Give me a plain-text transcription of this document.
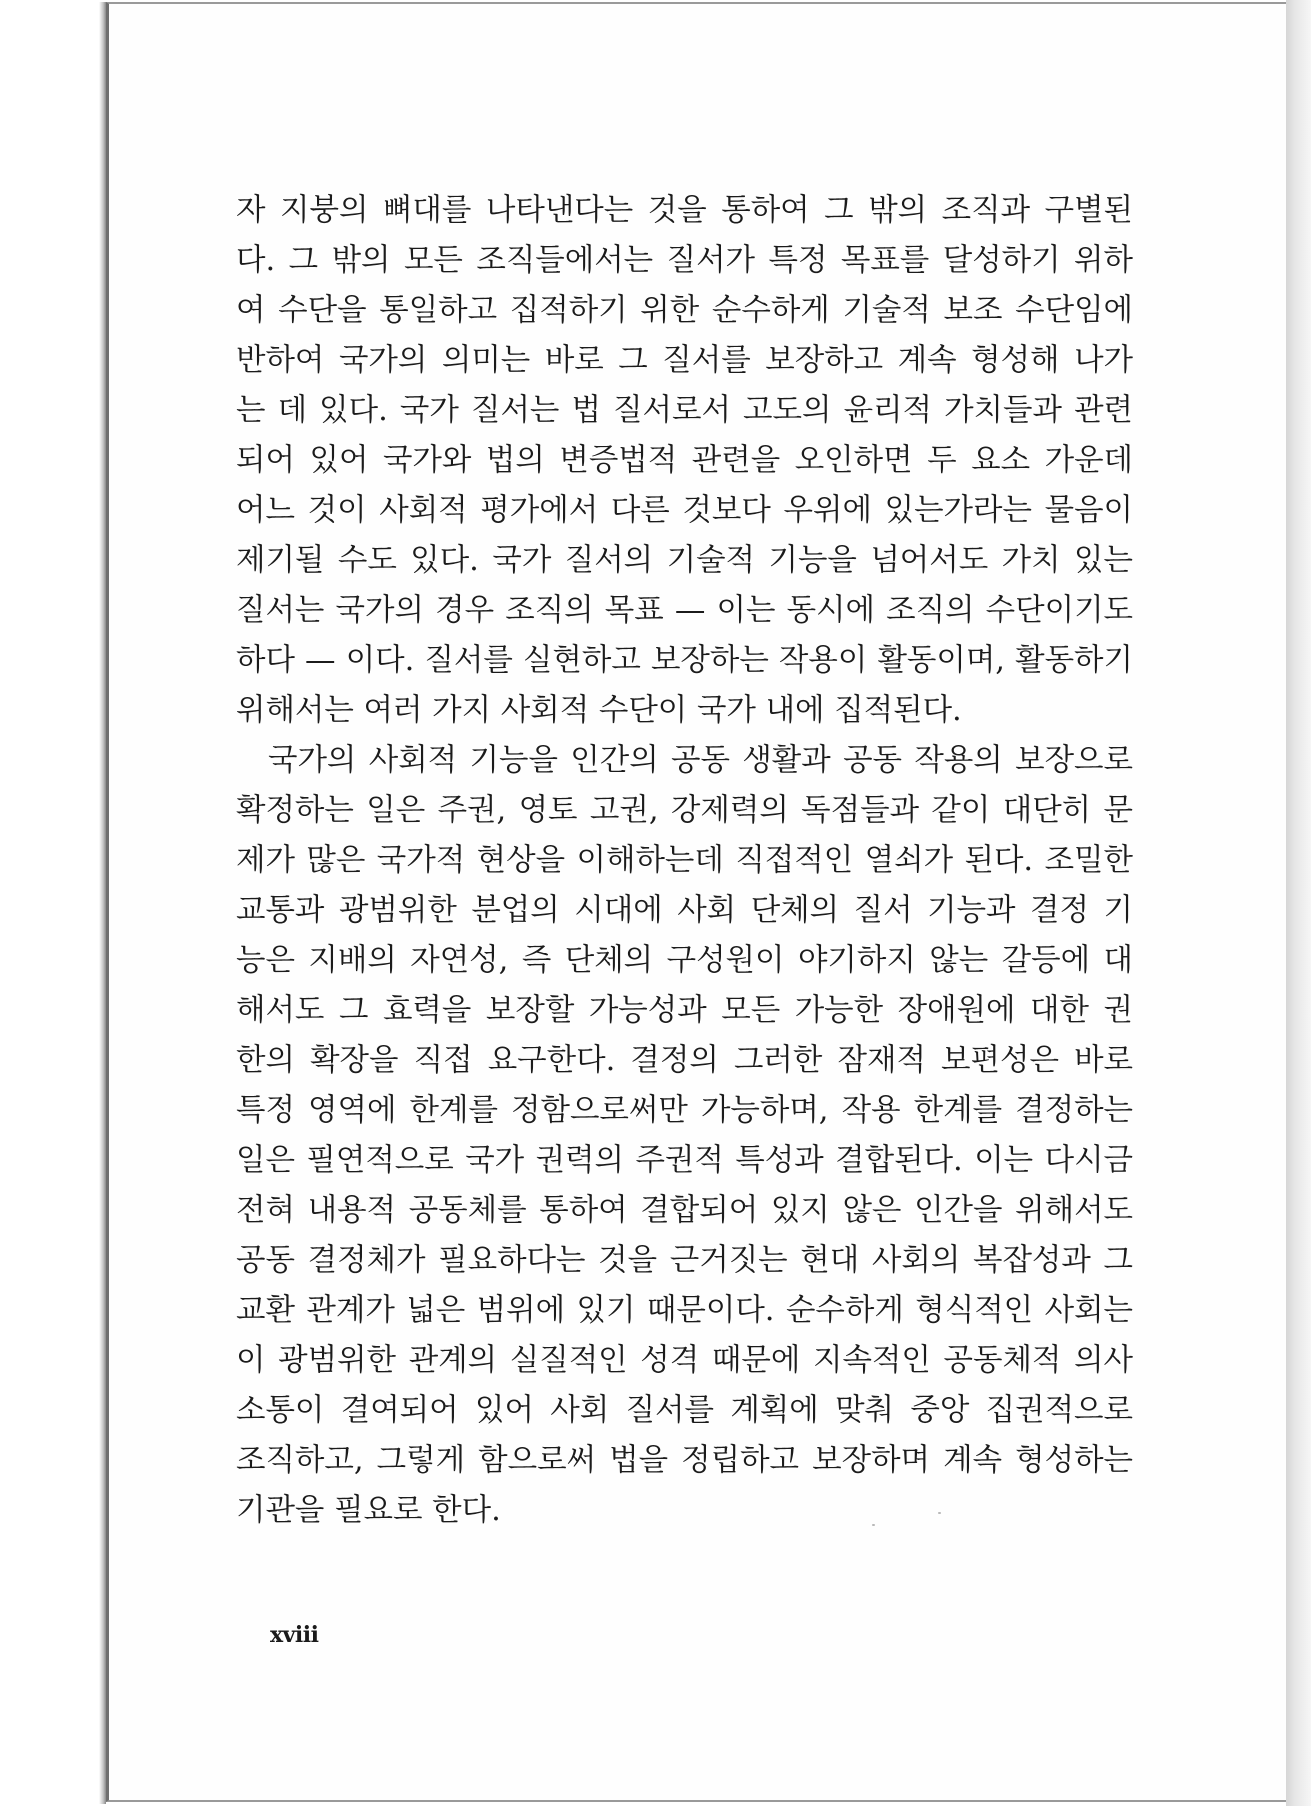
자 지붕의 뼈대를 나타낸다는 것을 통하여 그 밖의 조직과 구별된
다. 그 밖의 모든 조직들에서는 질서가 특정 목표를 달성하기 위하
여 수단을 통일하고 집적하기 위한 순수하게 기술적 보조 수단임에
반하여 국가의 의미는 바로 그 질서를 보장하고 계속 형성해 나가
는 데 있다. 국가 질서는 법 질서로서 고도의 윤리적 가치들과 관련
되어 있어 국가와 법의 변증법적 관련을 오인하면 두 요소 가운데
어느 것이 사회적 평가에서 다른 것보다 우위에 있는가라는 물음이
제기될 수도 있다. 국가 질서의 기술적 기능을 넘어서도 가치 있는
질서는 국가의 경우 조직의 목표 — 이는 동시에 조직의 수단이기도
하다 — 이다. 질서를 실현하고 보장하는 작용이 활동이며, 활동하기
위해서는 여러 가지 사회적 수단이 국가 내에 집적된다.
국가의 사회적 기능을 인간의 공동 생활과 공동 작용의 보장으로
확정하는 일은 주권, 영토 고권, 강제력의 독점들과 같이 대단히 문
제가 많은 국가적 현상을 이해하는데 직접적인 열쇠가 된다. 조밀한
교통과 광범위한 분업의 시대에 사회 단체의 질서 기능과 결정 기
능은 지배의 자연성, 즉 단체의 구성원이 야기하지 않는 갈등에 대
해서도 그 효력을 보장할 가능성과 모든 가능한 장애원에 대한 권
한의 확장을 직접 요구한다. 결정의 그러한 잠재적 보편성은 바로
특정 영역에 한계를 정함으로써만 가능하며, 작용 한계를 결정하는
일은 필연적으로 국가 권력의 주권적 특성과 결합된다. 이는 다시금
전혀 내용적 공동체를 통하여 결합되어 있지 않은 인간을 위해서도
공동 결정체가 필요하다는 것을 근거짓는 현대 사회의 복잡성과 그
교환 관계가 넓은 범위에 있기 때문이다. 순수하게 형식적인 사회는
이 광범위한 관계의 실질적인 성격 때문에 지속적인 공동체적 의사
소통이 결여되어 있어 사회 질서를 계획에 맞춰 중앙 집권적으로
조직하고, 그렇게 함으로써 법을 정립하고 보장하며 계속 형성하는
기관을 필요로 한다.
xviii
